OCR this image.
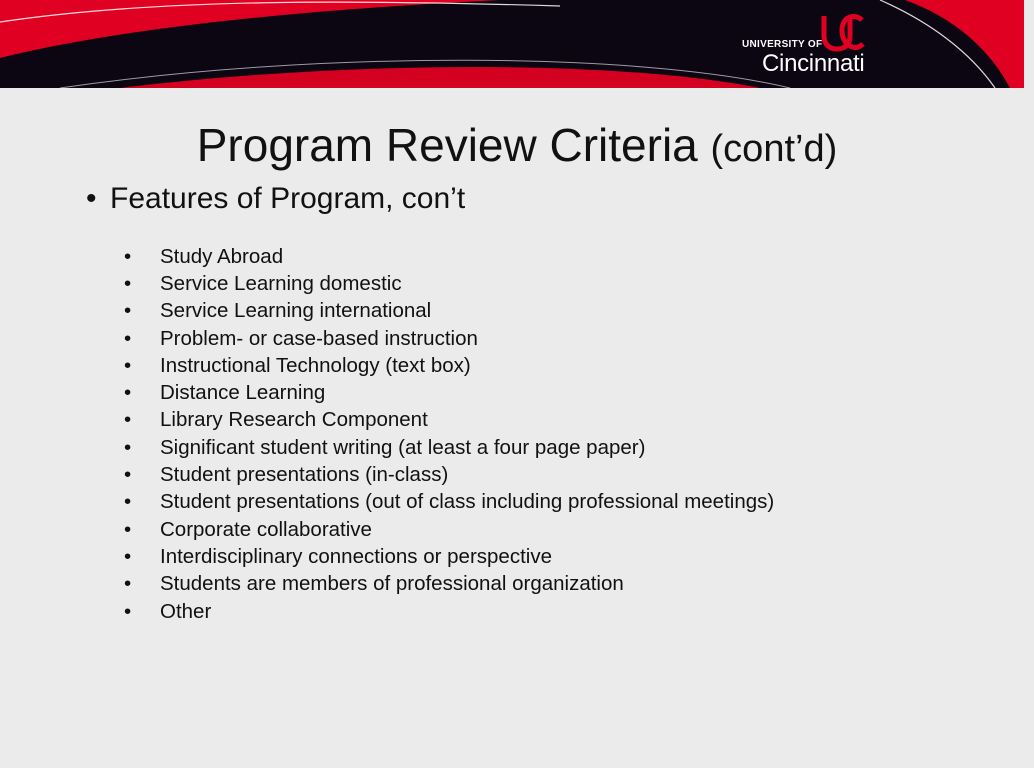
UNIVERSITY OF
Cincinnati
Program Review Criteria (cont’d)
• Features of Program, con’t
•	Study Abroad
•	Service Learning domestic
•	Service Learning international
•	Problem- or case-based instruction
•	Instructional Technology (text box)
•	Distance Learning
•	Library Research Component
•	Significant student writing (at least a four page paper)
•	Student presentations (in-class)
•	Student presentations (out of class including professional meetings)
•	Corporate collaborative
•	Interdisciplinary connections or perspective
•	Students are members of professional organization
•	Other
